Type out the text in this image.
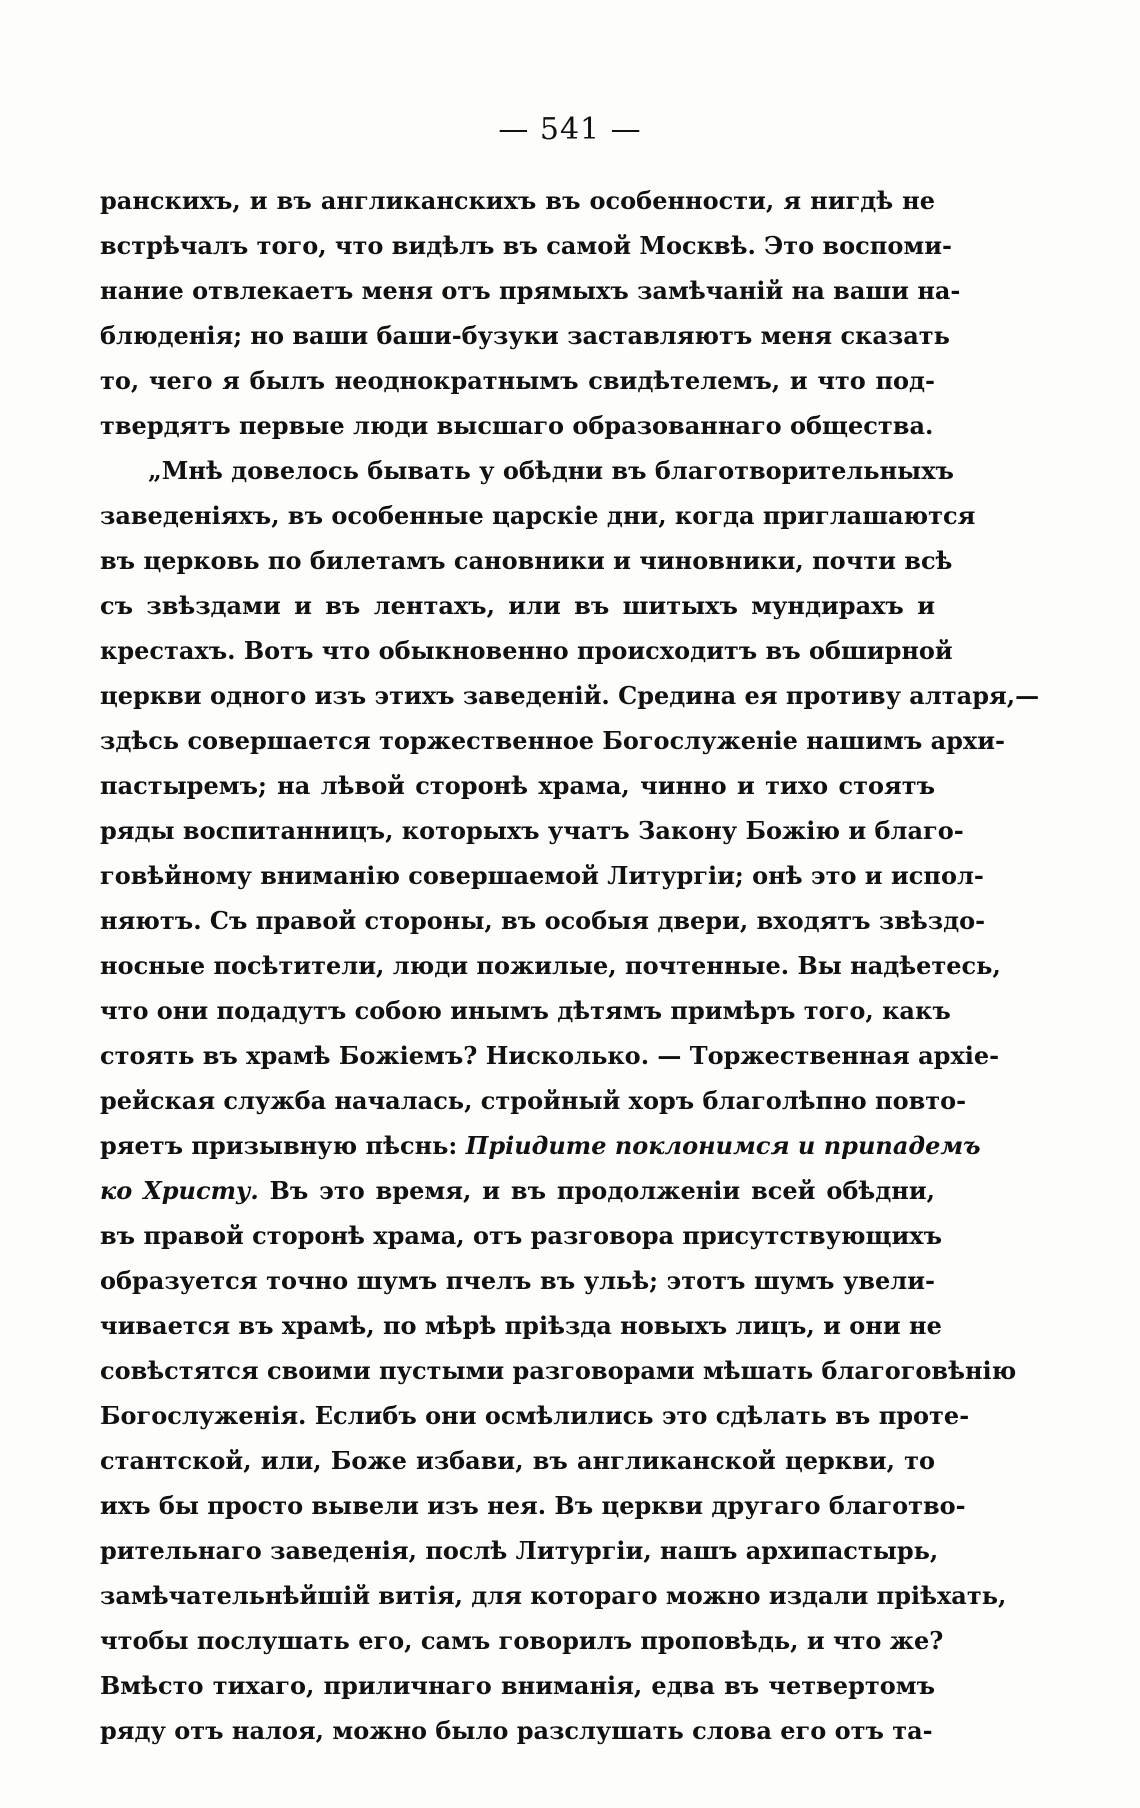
— 541 —
ранскихъ, и въ англиканскихъ въ особенности, я нигдѣ не
встрѣчалъ того, что видѣлъ въ самой Москвѣ. Это воспоми-
нание отвлекаетъ меня отъ прямыхъ замѣчаній на ваши на-
блюденія; но ваши баши-бузуки заставляютъ меня сказать
то, чего я былъ неоднократнымъ свидѣтелемъ, и что под-
твердятъ первые люди высшаго образованнаго общества.
„Мнѣ довелось бывать у обѣдни въ благотворительныхъ
заведеніяхъ, въ особенные царскіе дни, когда приглашаются
въ церковь по билетамъ сановники и чиновники, почти всѣ
съ звѣздами и въ лентахъ, или въ шитыхъ мундирахъ и
крестахъ. Вотъ что обыкновенно происходитъ въ обширной
церкви одного изъ этихъ заведеній. Средина ея противу алтаря,—
здѣсь совершается торжественное Богослуженіе нашимъ архи-
пастыремъ; на лѣвой сторонѣ храма, чинно и тихо стоятъ
ряды воспитанницъ, которыхъ учатъ Закону Божію и благо-
говѣйному вниманію совершаемой Литургіи; онѣ это и испол-
няютъ. Съ правой стороны, въ особыя двери, входятъ звѣздо-
носные посѣтители, люди пожилые, почтенные. Вы надѣетесь,
что они подадутъ собою инымъ дѣтямъ примѣръ того, какъ
стоять въ храмѣ Божіемъ? Нисколько. — Торжественная архіе-
рейская служба началась, стройный хоръ благолѣпно повто-
ряетъ призывную пѣснь: Пріидите поклонимся и припадемъ
ко Христу. Въ это время, и въ продолженіи всей обѣдни,
въ правой сторонѣ храма, отъ разговора присутствующихъ
образуется точно шумъ пчелъ въ ульѣ; этотъ шумъ увели-
чивается въ храмѣ, по мѣрѣ пріѣзда новыхъ лицъ, и они не
совѣстятся своими пустыми разговорами мѣшать благоговѣнію
Богослуженія. Еслибъ они осмѣлились это сдѣлать въ проте-
стантской, или, Боже избави, въ англиканской церкви, то
ихъ бы просто вывели изъ нея. Въ церкви другаго благотво-
рительнаго заведенія, послѣ Литургіи, нашъ архипастырь,
замѣчательнѣйшій витія, для котораго можно издали пріѣхать,
чтобы послушать его, самъ говорилъ проповѣдь, и что же?
Вмѣсто тихаго, приличнаго вниманія, едва въ четвертомъ
ряду отъ налоя, можно было разслушать слова его отъ та-
